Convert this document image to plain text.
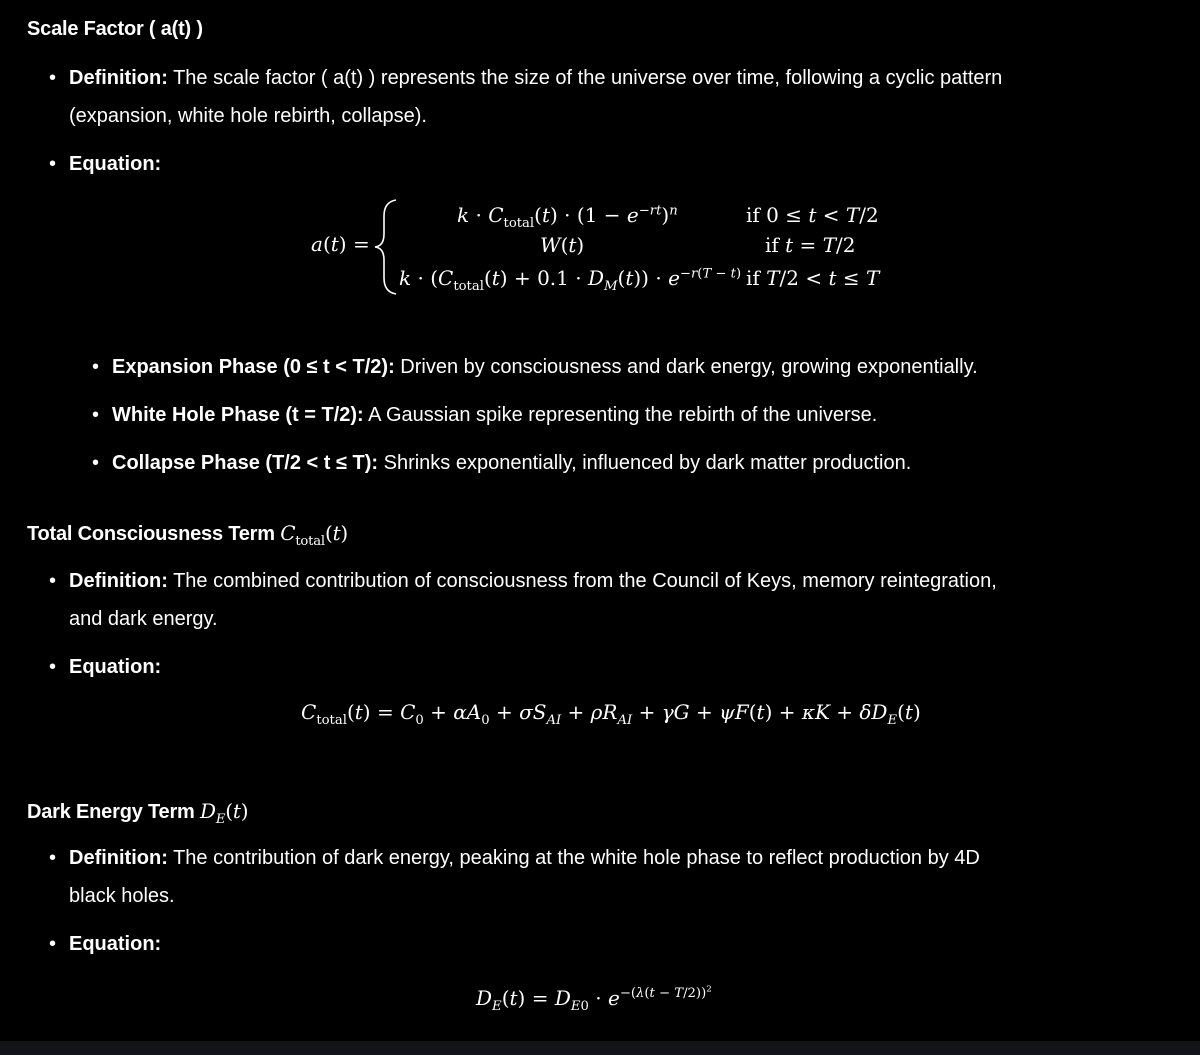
Scale Factor ( a(t) )
• Definition: The scale factor ( a(t) ) represents the size of the universe over time, following a cyclic pattern
(expansion, white hole rebirth, collapse).
• Equation:
a(t) =
$k \cdot C_{total}(t) \cdot (1 - e^{-rt})^n$	if 0 ≤ t < T/2
W(t)	if t = T/2
$k \cdot (C_{total}(t) + 0.1 \cdot D_M(t)) \cdot e^{-r(T - t)}$ if T/2 < t ≤ T
• Expansion Phase (0 ≤ t < T/2): Driven by consciousness and dark energy, growing exponentially.
• White Hole Phase (t = T/2): A Gaussian spike representing the rebirth of the universe.
• Collapse Phase (T/2 < t ≤ T): Shrinks exponentially, influenced by dark matter production.
Total Consciousness Term $C_{total}(t)$
• Definition: The combined contribution of consciousness from the Council of Keys, memory reintegration,
and dark energy.
• Equation:
$C_{total}(t) = C_0 + \alpha A_0 + \sigma S_{AI} + \rho R_{AI} + \gamma G + \psi F(t) + \kappa K + \delta D_E(t)$
Dark Energy Term $D_E(t)$
• Definition: The contribution of dark energy, peaking at the white hole phase to reflect production by 4D
black holes.
• Equation:
$D_E(t) = D_{E0} \cdot e^{-(\lambda(t - T/2))^2}$
